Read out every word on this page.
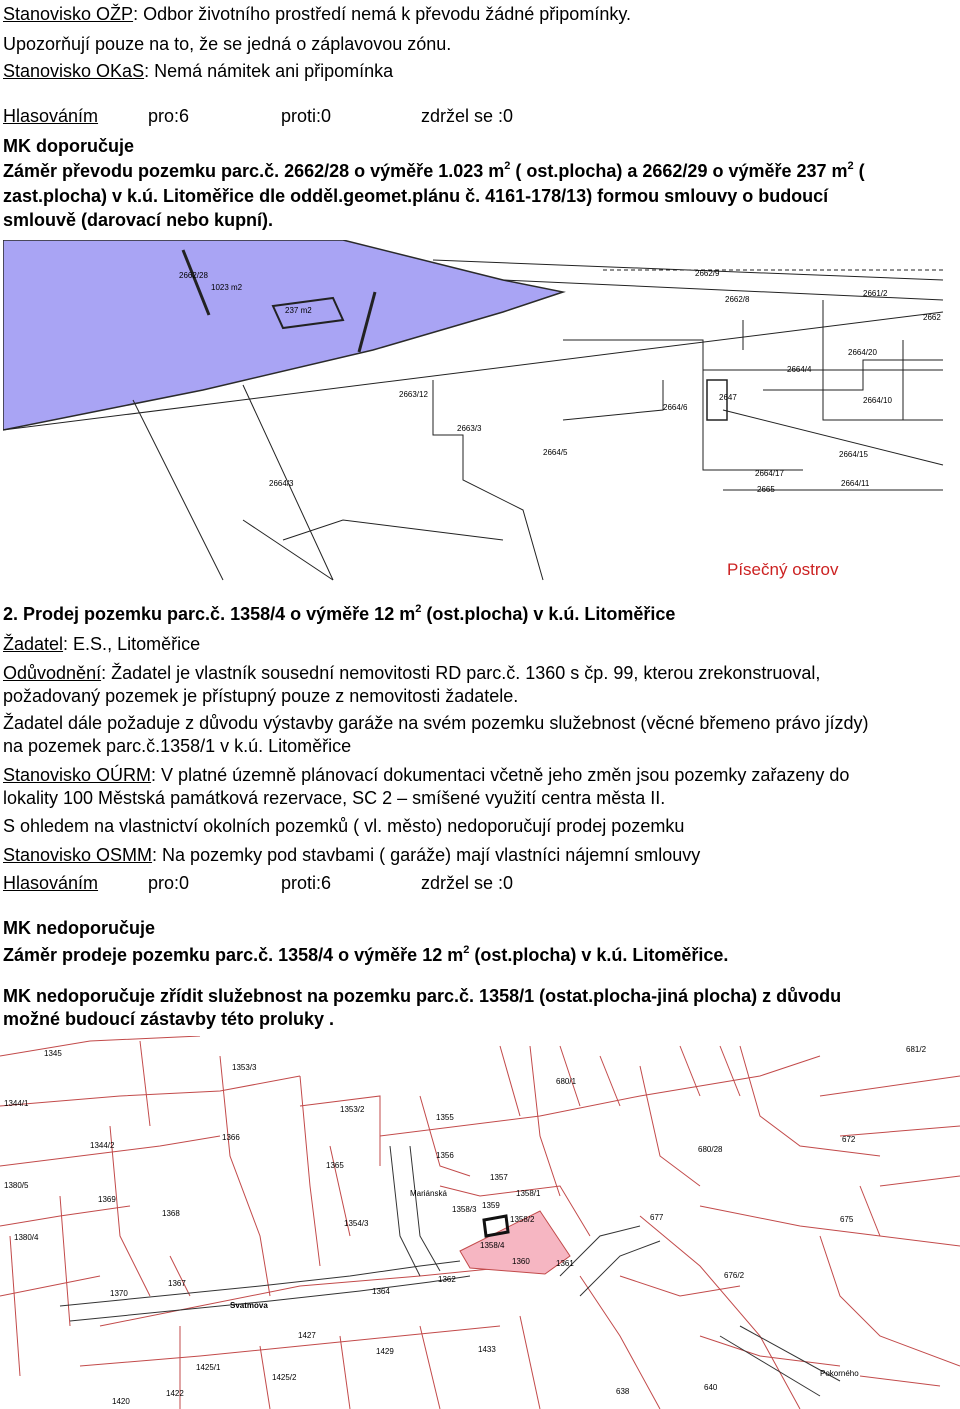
Stanovisko OŽP: Odbor životního prostředí nemá k převodu žádné připomínky.
Upozorňují pouze na to, že se jedná o záplavovou zónu.
Stanovisko OKaS: Nemá námitek ani připomínka
Hlasováním	pro:6	proti:0	zdržel se :0
MK doporučuje
Záměr převodu pozemku parc.č. 2662/28 o výměře 1.023 $m^2$ ( ost.plocha) a 2662/29 o výměře 237 $m^2$ (
zast.plocha) v k.ú. Litoměřice dle odděl.geomet.plánu č. 4161-178/13) formou smlouvy o budoucí
smlouvě (darovací nebo kupní).
2662/28
1023 m2
237 m2
2662/9
2662/8
2661/2
2662
2664/20
2664/4
2663/12
2664/6
2647	2664/10
2663/3
2664/5	2664/15
2664/17
2664/3
2665
2664/11
Písečný ostrov
2. Prodej pozemku parc.č. 1358/4 o výměře 12 $m^2$ (ost.plocha) v k.ú. Litoměřice
Žadatel: E.S., Litoměřice
Odůvodnění: Žadatel je vlastník sousední nemovitosti RD parc.č. 1360 s čp. 99, kterou zrekonstruoval,
požadovaný pozemek je přístupný pouze z nemovitosti žadatele.
Žadatel dále požaduje z důvodu výstavby garáže na svém pozemku služebnost (věcné břemeno právo jízdy)
na pozemek parc.č.1358/1 v k.ú. Litoměřice
Stanovisko OÚRM: V platné územně plánovací dokumentaci včetně jeho změn jsou pozemky zařazeny do
lokality 100 Městská památková rezervace, SC 2 – smíšené využití centra města II.
S ohledem na vlastnictví okolních pozemků ( vl. město) nedoporučují prodej pozemku
Stanovisko OSMM: Na pozemky pod stavbami ( garáže) mají vlastníci nájemní smlouvy
Hlasováním	pro:0	proti:6	zdržel se :0
MK nedoporučuje
Záměr prodeje pozemku parc.č. 1358/4 o výměře 12 $m^2$ (ost.plocha) v k.ú. Litoměřice.
MK nedoporučuje zřídit služebnost na pozemku parc.č. 1358/1 (ostat.plocha-jiná plocha) z důvodu
možné budoucí zástavby této proluky .
1345
1353/3
1344/1
1353/2
1366
1344/2
1365
1355
1356
1357
1380/5
1369
1368
1380/4
1354/3
1358/3 1359
1358/2
1358/1
1358/4
1360	1361
1367
1370	1364
1362
1427
1429
1425/1
1425/2
1420
1422
680/1
672
675
677
676/2
681/2
680/28
640
638
1433
Svatmova
Mariánská
Pokorného
